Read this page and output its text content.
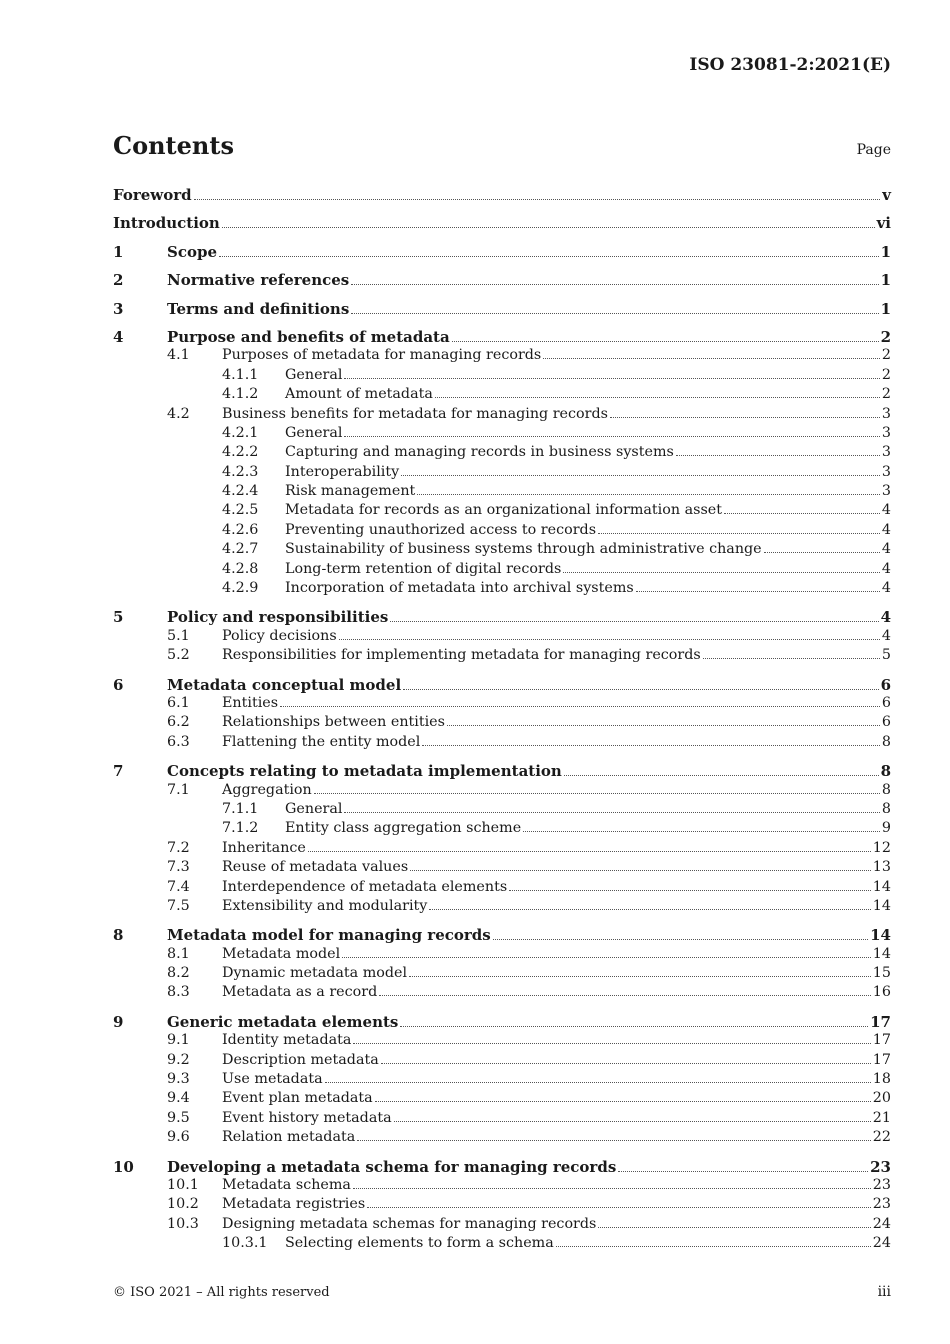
ISO 23081-2:2021(E)
Contents	Page
Foreword	v
Introduction	vi
1	Scope	1
2	Normative references	1
3	Terms and definitions	1
4	Purpose and benefits of metadata	2
4.1	Purposes of metadata for managing records	2
4.1.1	General	2
4.1.2	Amount of metadata	2
4.2	Business benefits for metadata for managing records	3
4.2.1	General	3
4.2.2	Capturing and managing records in business systems	3
4.2.3	Interoperability	3
4.2.4	Risk management	3
4.2.5	Metadata for records as an organizational information asset	4
4.2.6	Preventing unauthorized access to records	4
4.2.7	Sustainability of business systems through administrative change	4
4.2.8	Long-term retention of digital records	4
4.2.9	Incorporation of metadata into archival systems	4
5	Policy and responsibilities	4
5.1	Policy decisions	4
5.2	Responsibilities for implementing metadata for managing records	5
6	Metadata conceptual model	6
6.1	Entities	6
6.2	Relationships between entities	6
6.3	Flattening the entity model	8
7	Concepts relating to metadata implementation	8
7.1	Aggregation	8
7.1.1	General	8
7.1.2	Entity class aggregation scheme	9
7.2	Inheritance	12
7.3	Reuse of metadata values	13
7.4	Interdependence of metadata elements	14
7.5	Extensibility and modularity	14
8	Metadata model for managing records	14
8.1	Metadata model	14
8.2	Dynamic metadata model	15
8.3	Metadata as a record	16
9	Generic metadata elements	17
9.1	Identity metadata	17
9.2	Description metadata	17
9.3	Use metadata	18
9.4	Event plan metadata	20
9.5	Event history metadata	21
9.6	Relation metadata	22
10	Developing a metadata schema for managing records	23
10.1	Metadata schema	23
10.2	Metadata registries	23
10.3	Designing metadata schemas for managing records	24
10.3.1	Selecting elements to form a schema	24
© ISO 2021 – All rights reserved	iii
